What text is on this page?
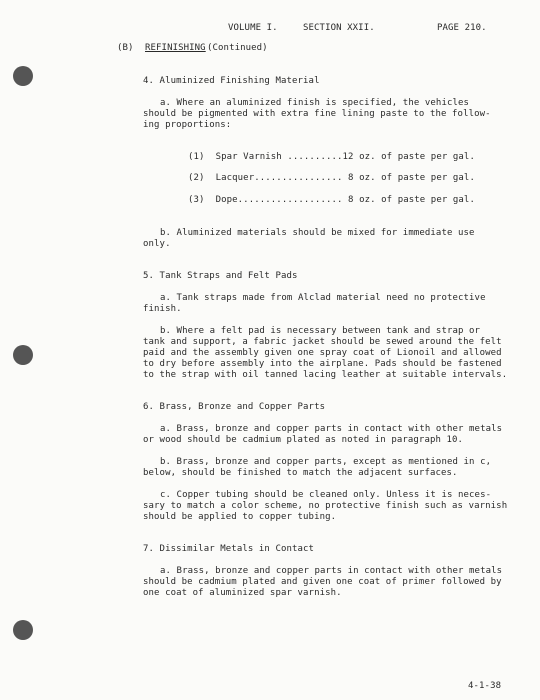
VOLUME I.	SECTION XXII.	PAGE 210.
(B) REFINISHING (Continued)
4. Aluminized Finishing Material
a. Where an aluminized finish is specified, the vehicles
should be pigmented with extra fine lining paste to the follow-
ing proportions:
(1)  Spar Varnish ..........12 oz. of paste per gal.
(2)  Lacquer................ 8 oz. of paste per gal.
(3)  Dope................... 8 oz. of paste per gal.
b. Aluminized materials should be mixed for immediate use
only.
5. Tank Straps and Felt Pads
a. Tank straps made from Alclad material need no protective
finish.
b. Where a felt pad is necessary between tank and strap or
tank and support, a fabric jacket should be sewed around the felt
paid and the assembly given one spray coat of Lionoil and allowed
to dry before assembly into the airplane. Pads should be fastened
to the strap with oil tanned lacing leather at suitable intervals.
6. Brass, Bronze and Copper Parts
a. Brass, bronze and copper parts in contact with other metals
or wood should be cadmium plated as noted in paragraph 10.
b. Brass, bronze and copper parts, except as mentioned in c,
below, should be finished to match the adjacent surfaces.
c. Copper tubing should be cleaned only. Unless it is neces-
sary to match a color scheme, no protective finish such as varnish
should be applied to copper tubing.
7. Dissimilar Metals in Contact
a. Brass, bronze and copper parts in contact with other metals
should be cadmium plated and given one coat of primer followed by
one coat of aluminized spar varnish.
4-1-38
